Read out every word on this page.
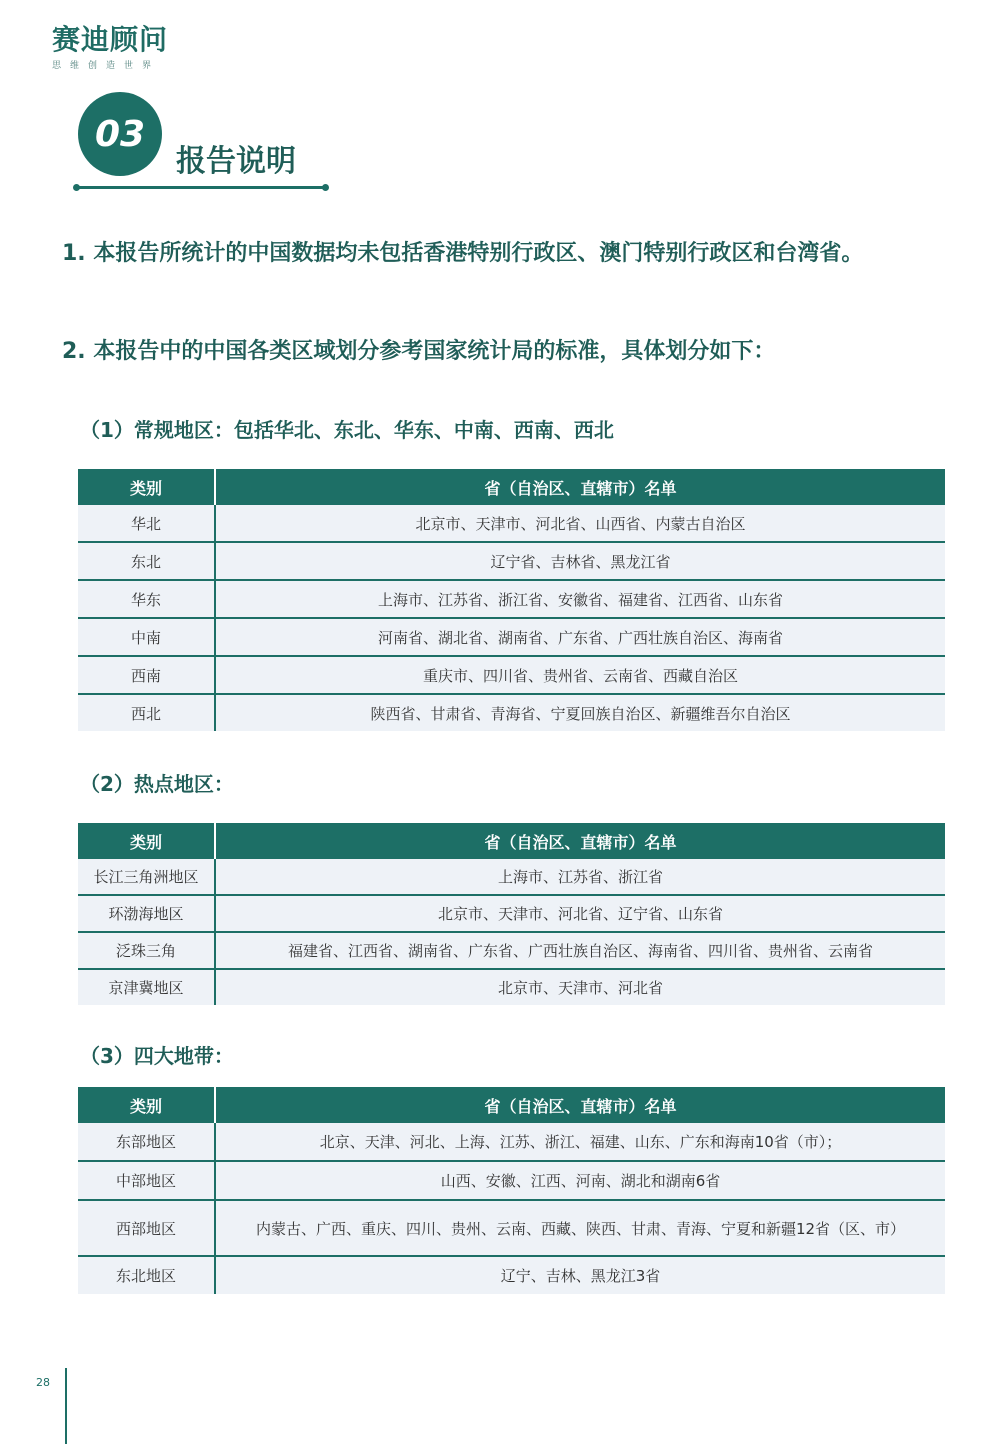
赛迪顾问
思维创造世界
03
报告说明
1. 本报告所统计的中国数据均未包括香港特别行政区、澳门特别行政区和台湾省。
2. 本报告中的中国各类区域划分参考国家统计局的标准，具体划分如下：
（1）常规地区：包括华北、东北、华东、中南、西南、西北
类别	省（自治区、直辖市）名单
华北	北京市、天津市、河北省、山西省、内蒙古自治区
东北	辽宁省、吉林省、黑龙江省
华东	上海市、江苏省、浙江省、安徽省、福建省、江西省、山东省
中南	河南省、湖北省、湖南省、广东省、广西壮族自治区、海南省
西南	重庆市、四川省、贵州省、云南省、西藏自治区
西北	陕西省、甘肃省、青海省、宁夏回族自治区、新疆维吾尔自治区
（2）热点地区：
类别	省（自治区、直辖市）名单
长江三角洲地区	上海市、江苏省、浙江省
环渤海地区	北京市、天津市、河北省、辽宁省、山东省
泛珠三角	福建省、江西省、湖南省、广东省、广西壮族自治区、海南省、四川省、贵州省、云南省
京津冀地区	北京市、天津市、河北省
（3）四大地带：
类别	省（自治区、直辖市）名单
东部地区	北京、天津、河北、上海、江苏、浙江、福建、山东、广东和海南10省（市）；
中部地区	山西、安徽、江西、河南、湖北和湖南6省
西部地区	内蒙古、广西、重庆、四川、贵州、云南、西藏、陕西、甘肃、青海、宁夏和新疆12省（区、市）
东北地区	辽宁、吉林、黑龙江3省
28
